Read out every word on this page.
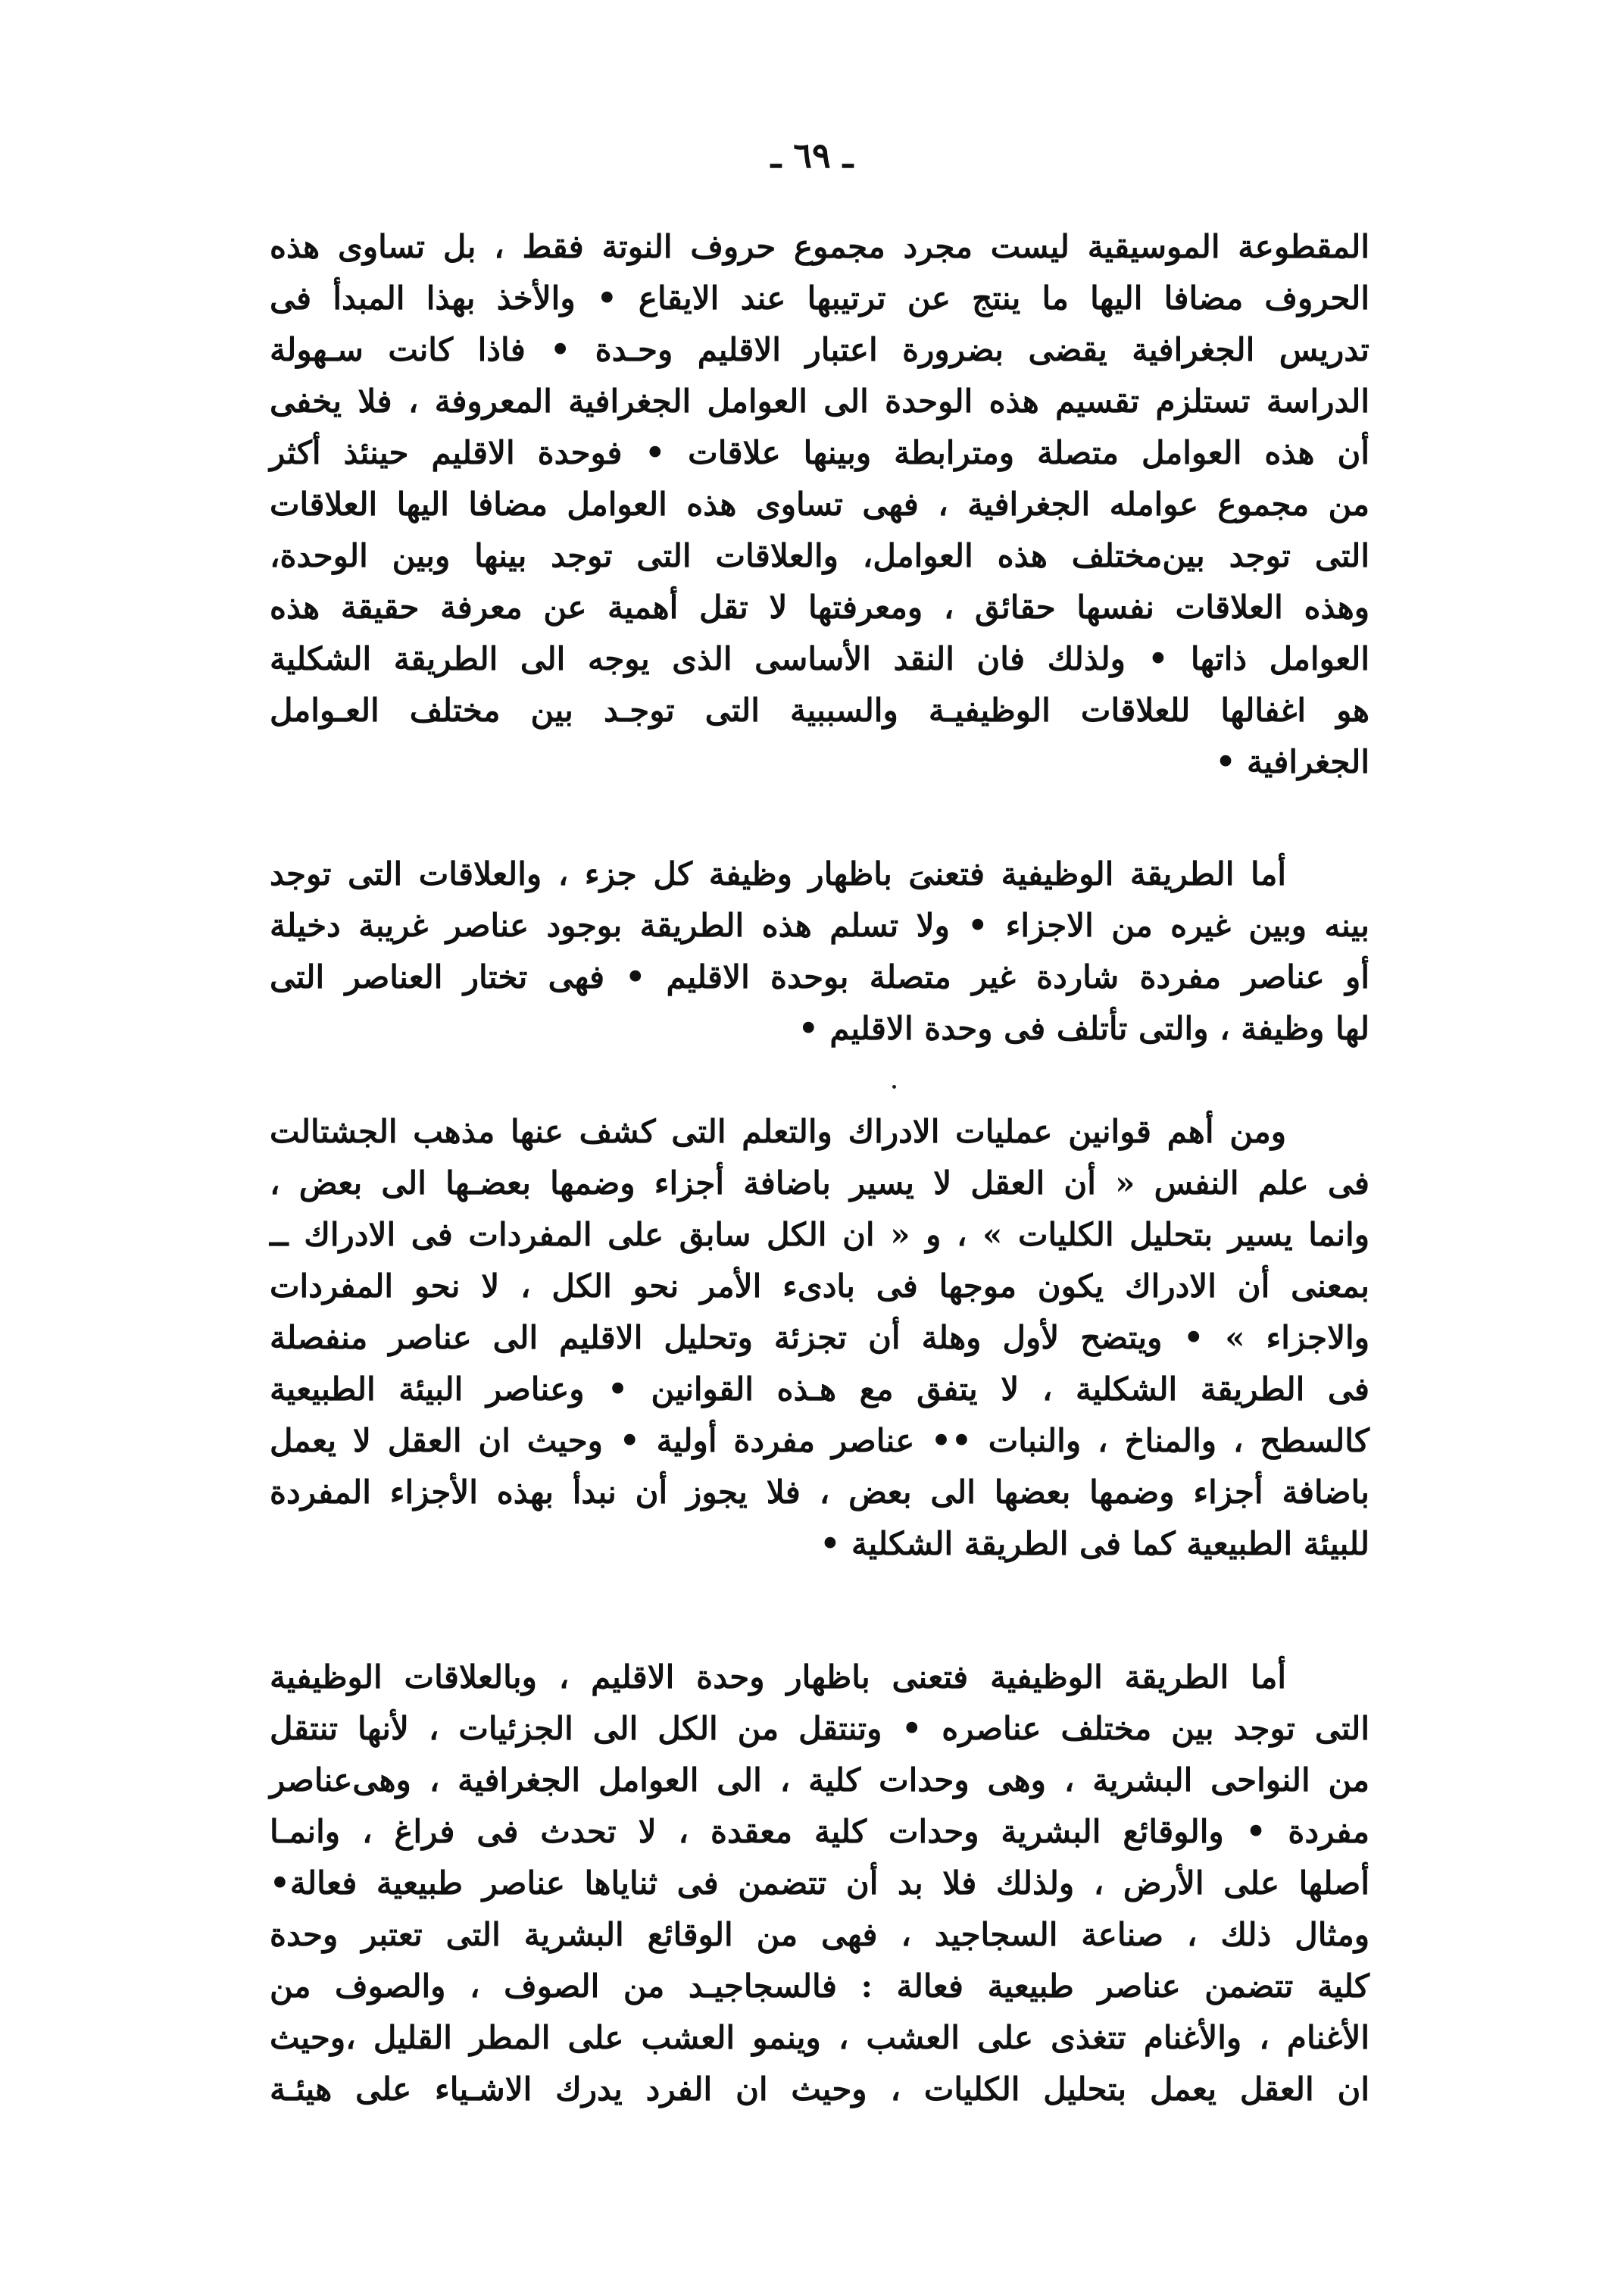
ـ ٦٩ ـ
المقطوعة الموسيقية ليست مجرد مجموع حروف النوتة فقط ، بل تساوى هذه
الحروف مضافا اليها ما ينتج عن ترتيبها عند الايقاع • والأخذ بهذا المبدأ فى
تدريس الجغرافية يقضى بضرورة اعتبار الاقليم وحـدة • فاذا كانت سـهولة
الدراسة تستلزم تقسيم هذه الوحدة الى العوامل الجغرافية المعروفة ، فلا يخفى
أن هذه العوامل متصلة ومترابطة وبينها علاقات • فوحدة الاقليم حينئذ أكثر
من مجموع عوامله الجغرافية ، فهى تساوى هذه العوامل مضافا اليها العلاقات
التى توجد بين‌مختلف هذه العوامل، والعلاقات التى توجد بينها وبين الوحدة،
وهذه العلاقات نفسها حقائق ، ومعرفتها لا تقل أهمية عن معرفة حقيقة هذه
العوامل ذاتها • ولذلك فان النقد الأساسى الذى يوجه الى الطريقة الشكلية
هو اغفالها للعلاقات الوظيفيـة والسببية التى توجـد بين مختلف العـوامل
الجغرافية •
أما الطريقة الوظيفية فتعنىَ باظهار وظيفة كل جزء ، والعلاقات التى توجد
بينه وبين غيره من الاجزاء • ولا تسلم هذه الطريقة بوجود عناصر غريبة دخيلة
أو عناصر مفردة شاردة غير متصلة بوحدة الاقليم • فهى تختار العناصر التى
لها وظيفة ، والتى تأتلف فى وحدة الاقليم •
ومن أهم قوانين عمليات الادراك والتعلم التى كشف عنها مذهب الجشتالت
فى علم النفس « أن العقل لا يسير باضافة أجزاء وضمها بعضـها الى بعض ،
وانما يسير بتحليل الكليات » ، و « ان الكل سابق على المفردات فى الادراك ــ
بمعنى أن الادراك يكون موجها فى بادىء الأمر نحو الكل ، لا نحو المفردات
والاجزاء » • ويتضح لأول وهلة أن تجزئة وتحليل الاقليم الى عناصر منفصلة
فى الطريقة الشكلية ، لا يتفق مع هـذه القوانين • وعناصر البيئة الطبيعية
كالسطح ، والمناخ ، والنبات •• عناصر مفردة أولية • وحيث ان العقل لا يعمل
باضافة أجزاء وضمها بعضها الى بعض ، فلا يجوز أن نبدأ بهذه الأجزاء المفردة
للبيئة الطبيعية كما فى الطريقة الشكلية •
أما الطريقة الوظيفية فتعنى باظهار وحدة الاقليم ، وبالعلاقات الوظيفية
التى توجد بين مختلف عناصره • وتنتقل من الكل الى الجزئيات ، لأنها تنتقل
من النواحى البشرية ، وهى وحدات كلية ، الى العوامل الجغرافية ، وهى‌عناصر
مفردة • والوقائع البشرية وحدات كلية معقدة ، لا تحدث فى فراغ ، وانمـا
أصلها على الأرض ، ولذلك فلا بد أن تتضمن فى ثناياها عناصر طبيعية فعالة•
ومثال ذلك ، صناعة السجاجيد ، فهى من الوقائع البشرية التى تعتبر وحدة
كلية تتضمن عناصر طبيعية فعالة : فالسجاجيـد من الصوف ، والصوف من
الأغنام ، والأغنام تتغذى على العشب ، وينمو العشب على المطر القليل ،وحيث
ان العقل يعمل بتحليل الكليات ، وحيث ان الفرد يدرك الاشـياء على هيئـة
